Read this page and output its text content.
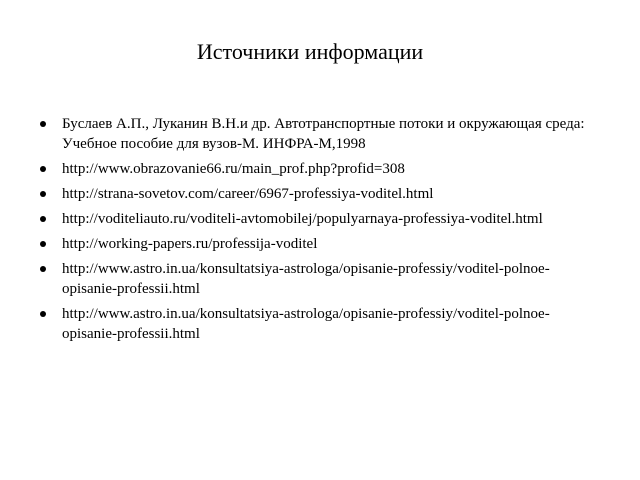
Источники информации
Буслаев А.П., Луканин В.Н.и др. Автотранспортные потоки и окружающая среда: Учебное пособие для вузов-М. ИНФРА-М,1998
http://www.obrazovanie66.ru/main_prof.php?profid=308
http://strana-sovetov.com/career/6967-professiya-voditel.html
http://voditeliauto.ru/voditeli-avtomobilej/populyarnaya-professiya-voditel.html
http://working-papers.ru/professija-voditel
http://www.astro.in.ua/konsultatsiya-astrologa/opisanie-professiy/voditel-polnoe-opisanie-professii.html
http://www.astro.in.ua/konsultatsiya-astrologa/opisanie-professiy/voditel-polnoe-opisanie-professii.html
